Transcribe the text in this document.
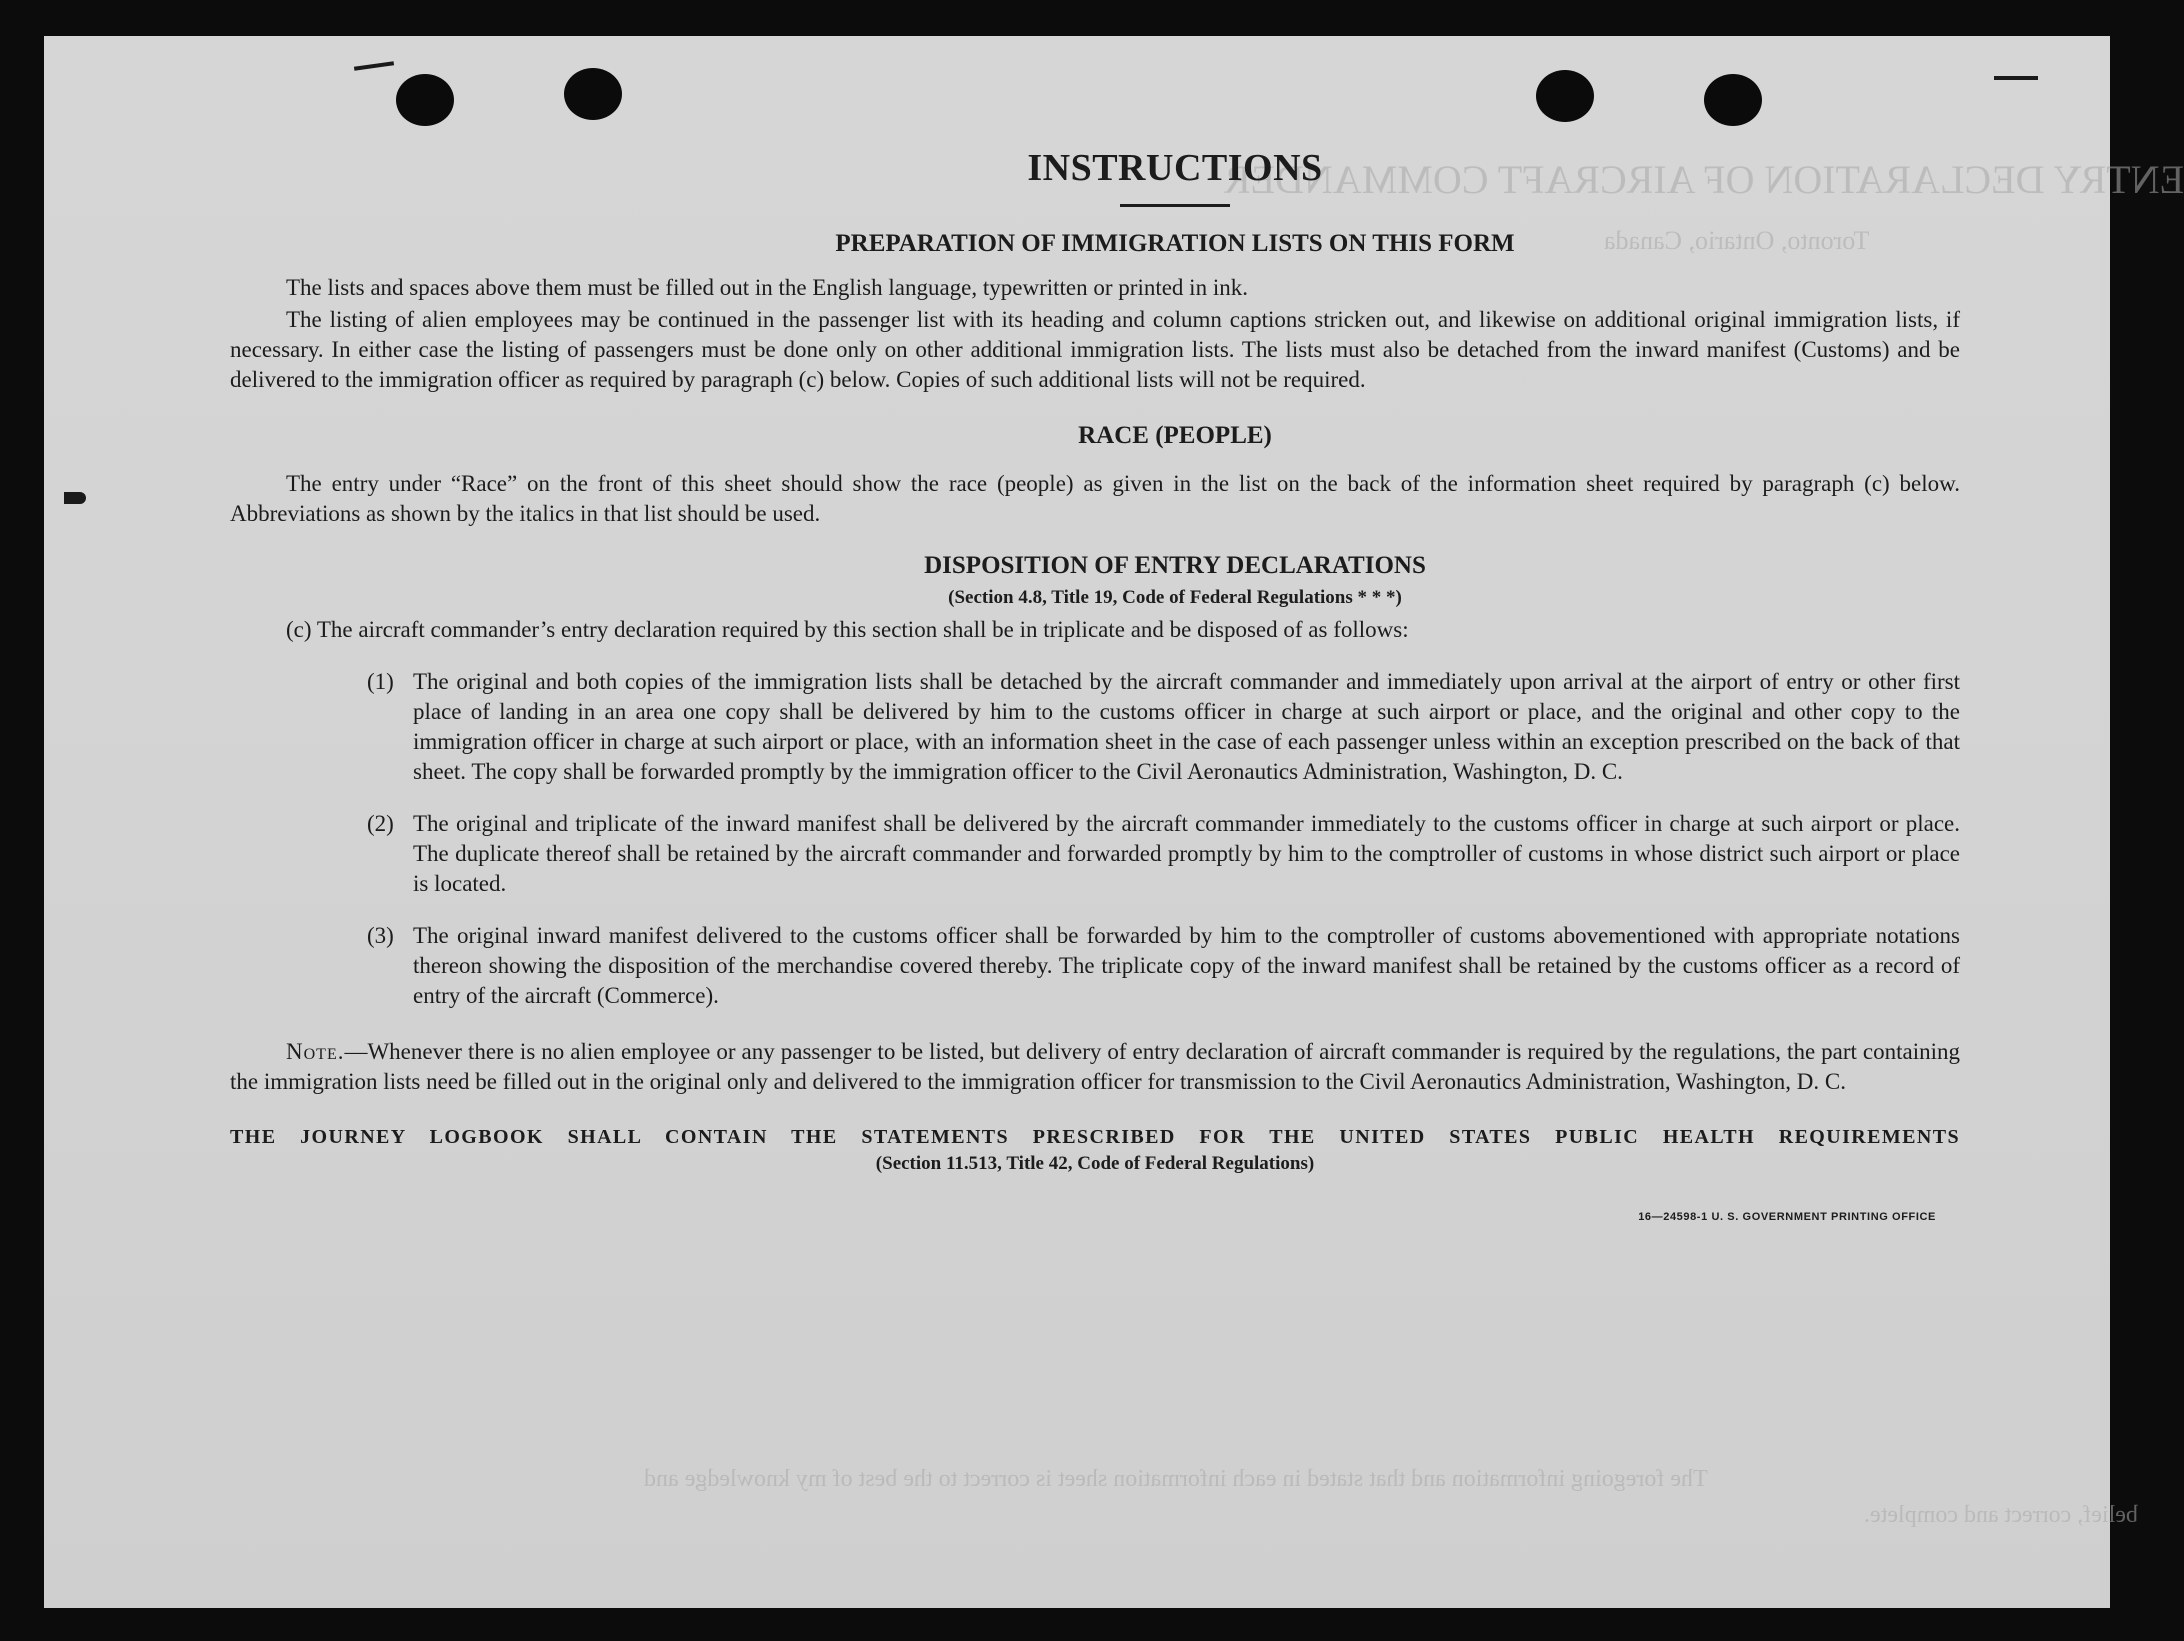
ENTRY DECLARATION OF AIRCRAFT COMMANDER
Toronto, Ontario, Canada
The foregoing information and that stated in each information sheet is correct to the best of my knowledge and
belief, correct and complete.
INSTRUCTIONS
PREPARATION OF IMMIGRATION LISTS ON THIS FORM

The lists and spaces above them must be filled out in the English language, typewritten or printed in ink.

The listing of alien employees may be continued in the passenger list with its heading and column captions stricken out, and likewise on additional original immigration lists, if necessary. In either case the listing of passengers must be done only on other additional immigration lists. The lists must also be detached from the inward manifest (Customs) and be delivered to the immigration officer as required by paragraph (c) below. Copies of such additional lists will not be required.

RACE (PEOPLE)

The entry under “Race” on the front of this sheet should show the race (people) as given in the list on the back of the information sheet required by paragraph (c) below. Abbreviations as shown by the italics in that list should be used.

DISPOSITION OF ENTRY DECLARATIONS

(Section 4.8, Title 19, Code of Federal Regulations * * *)

(c) The aircraft commander’s entry declaration required by this section shall be in triplicate and be disposed of as follows:

(1) The original and both copies of the immigration lists shall be detached by the aircraft commander and immediately upon arrival at the airport of entry or other first place of landing in an area one copy shall be delivered by him to the customs officer in charge at such airport or place, and the original and other copy to the immigration officer in charge at such airport or place, with an information sheet in the case of each passenger unless within an exception prescribed on the back of that sheet. The copy shall be forwarded promptly by the immigration officer to the Civil Aeronautics Administration, Washington, D. C.
(2) The original and triplicate of the inward manifest shall be delivered by the aircraft commander immediately to the customs officer in charge at such airport or place. The duplicate thereof shall be retained by the aircraft commander and forwarded promptly by him to the comptroller of customs in whose district such airport or place is located.
(3) The original inward manifest delivered to the customs officer shall be forwarded by him to the comptroller of customs abovementioned with appropriate notations thereon showing the disposition of the merchandise covered thereby. The triplicate copy of the inward manifest shall be retained by the customs officer as a record of entry of the aircraft (Commerce).

Note.—Whenever there is no alien employee or any passenger to be listed, but delivery of entry declaration of aircraft commander is required by the regulations, the part containing the immigration lists need be filled out in the original only and delivered to the immigration officer for transmission to the Civil Aeronautics Administration, Washington, D. C.

THE JOURNEY LOGBOOK SHALL CONTAIN THE STATEMENTS PRESCRIBED FOR THE UNITED STATES PUBLIC HEALTH REQUIREMENTS

(Section 11.513, Title 42, Code of Federal Regulations)

16—24598-1 U. S. GOVERNMENT PRINTING OFFICE
